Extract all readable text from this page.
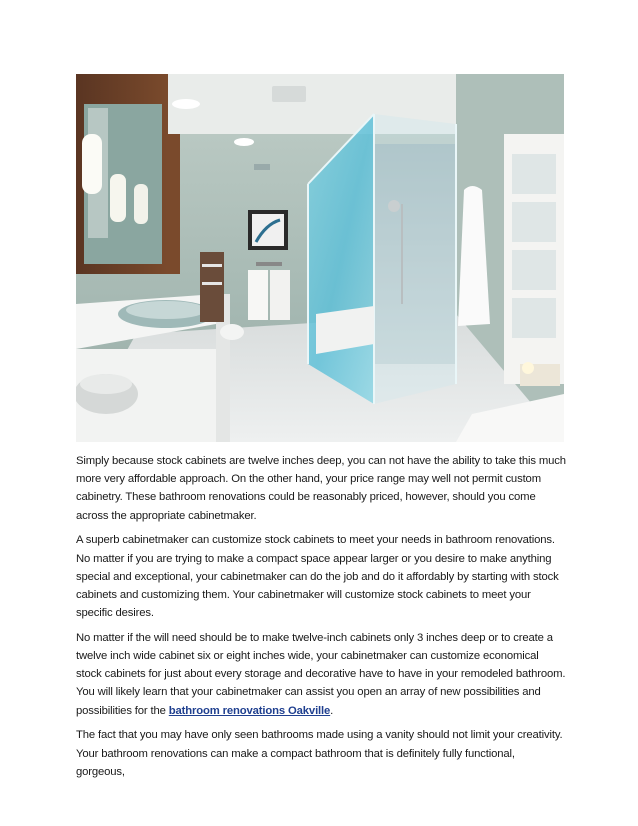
Simply because stock cabinets are twelve inches deep, you can not have the ability to take this much more very affordable approach. On the other hand, your price range may well not permit custom cabinetry. These bathroom renovations could be reasonably priced, however, should you come across the appropriate cabinetmaker.

A superb cabinetmaker can customize stock cabinets to meet your needs in bathroom renovations. No matter if you are trying to make a compact space appear larger or you desire to make anything special and exceptional, your cabinetmaker can do the job and do it affordably by starting with stock cabinets and customizing them. Your cabinetmaker will customize stock cabinets to meet your specific desires.

No matter if the will need should be to make twelve-inch cabinets only 3 inches deep or to create a twelve inch wide cabinet six or eight inches wide, your cabinetmaker can customize economical stock cabinets for just about every storage and decorative have to have in your remodeled bathroom. You will likely learn that your cabinetmaker can assist you open an array of new possibilities and possibilities for the bathroom renovations Oakville.

The fact that you may have only seen bathrooms made using a vanity should not limit your creativity. Your bathroom renovations can make a compact bathroom that is definitely fully functional, gorgeous,
